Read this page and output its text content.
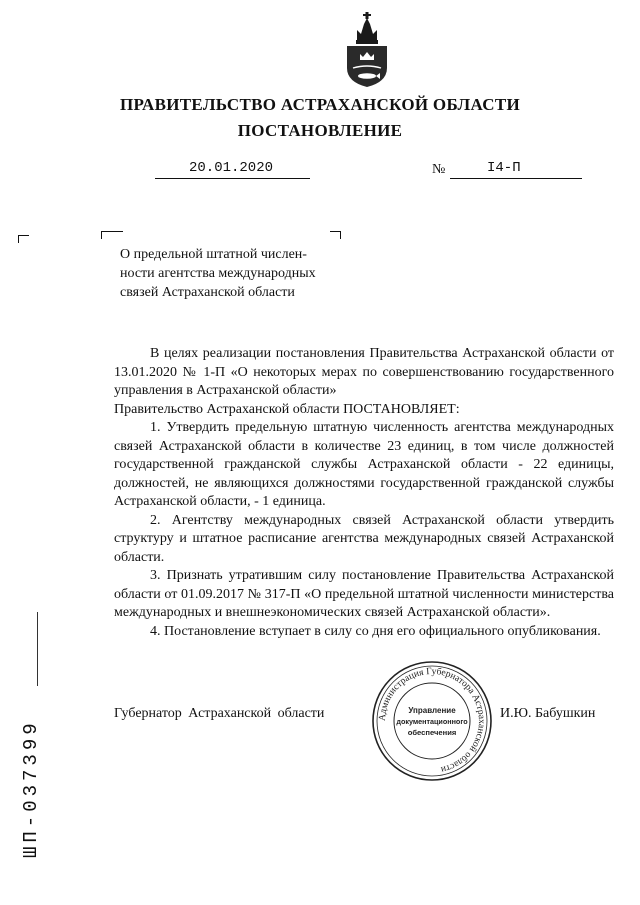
ПРАВИТЕЛЬСТВО АСТРАХАНСКОЙ ОБЛАСТИ
ПОСТАНОВЛЕНИЕ
20.01.2020	№	I4-П
О предельной штатной числен-
ности агентства международных
связей Астраханской области

В целях реализации постановления Правительства Астраханской области от 13.01.2020 № 1-П «О некоторых мерах по совершенствованию государственного управления в Астраханской области»

Правительство Астраханской области ПОСТАНОВЛЯЕТ:

1. Утвердить предельную штатную численность агентства международных связей Астраханской области в количестве 23 единиц, в том числе должностей государственной гражданской службы Астраханской области - 22 единицы, должностей, не являющихся должностями государственной гражданской службы Астраханской области, - 1 единица.

2. Агентству международных связей Астраханской области утвердить структуру и штатное расписание агентства международных связей Астраханской области.

3. Признать утратившим силу постановление Правительства Астраханской области от 01.09.2017 № 317-П «О предельной штатной численности министерства международных и внешнеэкономических связей Астраханской области».

4. Постановление вступает в силу со дня его официального опубликования.

Губернатор Астраханской области	И.Ю. Бабушкин
Администрация Губернатора Астраханской области
Управление
документационного
обеспечения
ШП-037399
